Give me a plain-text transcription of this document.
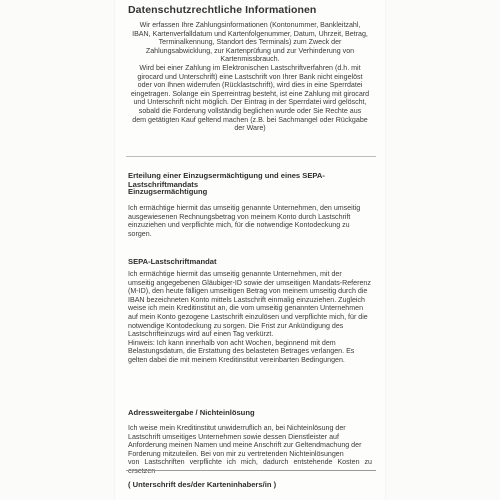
Datenschutzrechtliche Informationen
Wir erfassen Ihre Zahlungsinformationen (Kontonummer, Bankleitzahl,
IBAN, Kartenverfalldatum und Kartenfolgenummer, Datum, Uhrzeit, Betrag,
Terminalkennung, Standort des Terminals) zum Zweck der
Zahlungsabwicklung, zur Kartenprüfung und zur Verhinderung von
Kartenmissbrauch.
Wird bei einer Zahlung im Elektronischen Lastschriftverfahren (d.h. mit
girocard und Unterschrift) eine Lastschrift von Ihrer Bank nicht eingelöst
oder von Ihnen widerrufen (Rücklastschrift), wird dies in eine Sperrdatei
eingetragen. Solange ein Sperreintrag besteht, ist eine Zahlung mit girocard
und Unterschrift nicht möglich. Der Eintrag in der Sperrdatei wird gelöscht,
sobald die Forderung vollständig beglichen wurde oder Sie Rechte aus
dem getätigten Kauf geltend machen (z.B. bei Sachmangel oder Rückgabe
der Ware)
Erteilung einer Einzugsermächtigung und eines SEPA-Lastschriftmandats
Einzugsermächtigung
Ich ermächtige hiermit das umseitig genannte Unternehmen, den umseitig
ausgewiesenen Rechnungsbetrag von meinem Konto durch Lastschrift
einzuziehen und verpflichte mich, für die notwendige Kontodeckung zu
sorgen.
SEPA-Lastschriftmandat
Ich ermächtige hiermit das umseitig genannte Unternehmen, mit der
umseitig angegebenen Gläubiger-ID sowie der umseitigen Mandats-Referenz
(M-ID), den heute fälligen umseitigen Betrag von meinem umseitig durch die
IBAN bezeichneten Konto mittels Lastschrift einmalig einzuziehen. Zugleich
weise ich mein Kreditinstitut an, die vom umseitig genannten Unternehmen
auf mein Konto gezogene Lastschrift einzulösen und verpflichte mich, für die
notwendige Kontodeckung zu sorgen. Die Frist zur Ankündigung des
Lastschrifteinzugs wird auf einen Tag verkürzt.
Hinweis: Ich kann innerhalb von acht Wochen, beginnend mit dem
Belastungsdatum, die Erstattung des belasteten Betrages verlangen. Es
gelten dabei die mit meinem Kreditinstitut vereinbarten Bedingungen.
Adressweitergabe / Nichteinlösung
Ich weise mein Kreditinstitut unwiderruflich an, bei Nichteinlösung der
Lastschrift umseitiges Unternehmen sowie dessen Dienstleister auf
Anforderung meinen Namen und meine Anschrift zur Geltendmachung der
Forderung mitzuteilen. Bei von mir zu vertretenden Nichteinlösungen
von Lastschriften verpflichte ich mich, dadurch entstehende Kosten zu
( Unterschrift des/der Karteninhabers/in )
